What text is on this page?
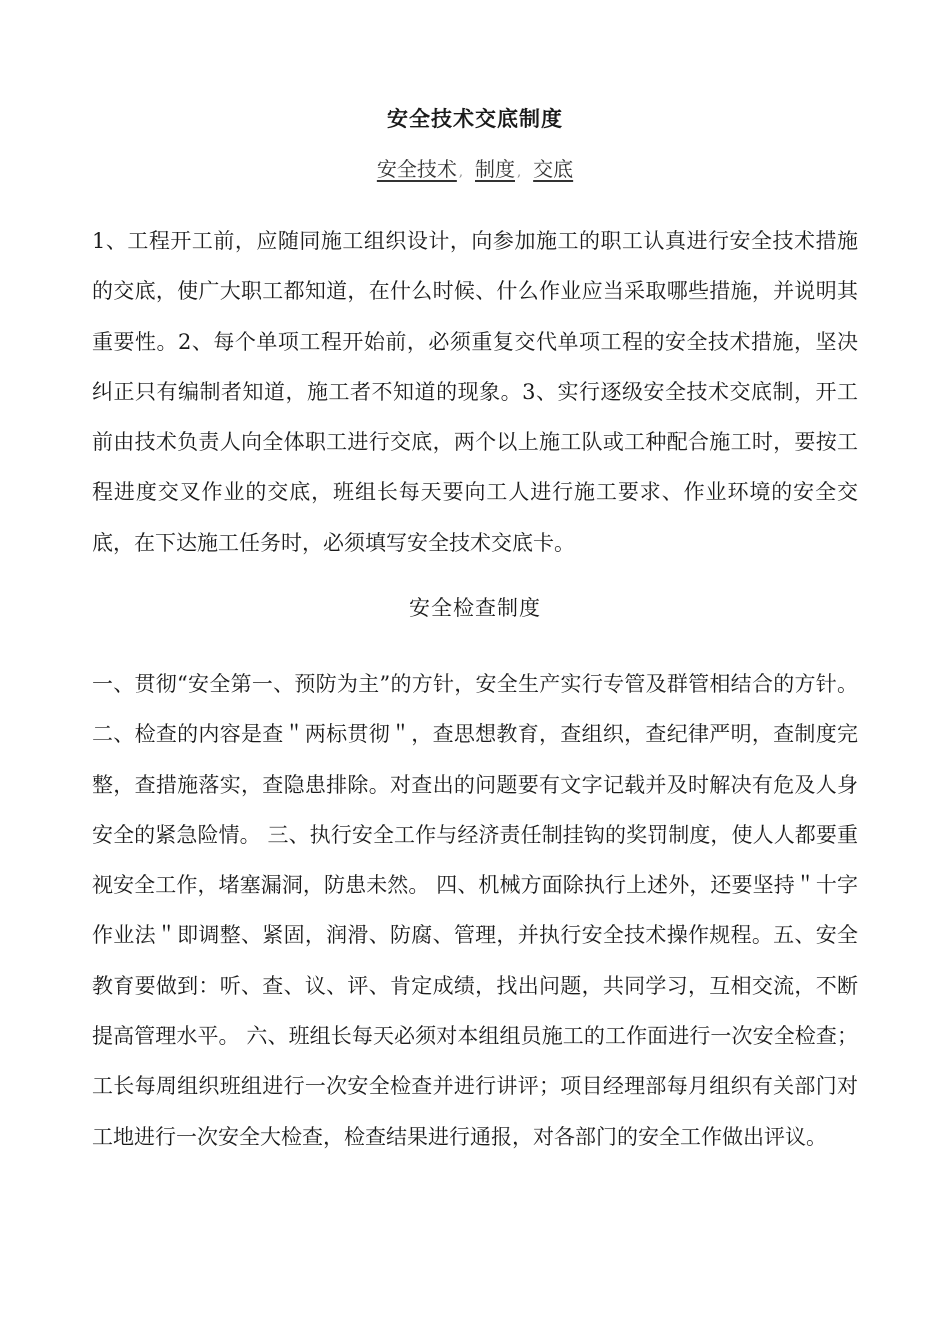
安全技术交底制度
安全技术 , 制度 , 交底

1、工程开工前，应随同施工组织设计，向参加施工的职工认真进行安全技术措施的交底，使广大职工都知道，在什么时候、什么作业应当采取哪些措施，并说明其重要性。2、每个单项工程开始前，必须重复交代单项工程的安全技术措施，坚决纠正只有编制者知道，施工者不知道的现象。3、实行逐级安全技术交底制，开工前由技术负责人向全体职工进行交底，两个以上施工队或工种配合施工时，要按工程进度交叉作业的交底，班组长每天要向工人进行施工要求、作业环境的安全交底，在下达施工任务时，必须填写安全技术交底卡。

安全检查制度

一、贯彻“安全第一、预防为主”的方针，安全生产实行专管及群管相结合的方针。 二、检查的内容是查＂两标贯彻＂，查思想教育，查组织，查纪律严明，查制度完整，查措施落实，查隐患排除。对查出的问题要有文字记载并及时解决有危及人身安全的紧急险情。 三、执行安全工作与经济责任制挂钩的奖罚制度，使人人都要重视安全工作，堵塞漏洞，防患未然。 四、机械方面除执行上述外，还要坚持＂十字作业法＂即调整、紧固，润滑、防腐、管理，并执行安全技术操作规程。五、安全教育要做到：听、查、议、评、肯定成绩，找出问题，共同学习，互相交流，不断提高管理水平。 六、班组长每天必须对本组组员施工的工作面进行一次安全检查；工长每周组织班组进行一次安全检查并进行讲评；项目经理部每月组织有关部门对工地进行一次安全大检查，检查结果进行通报，对各部门的安全工作做出评议。
